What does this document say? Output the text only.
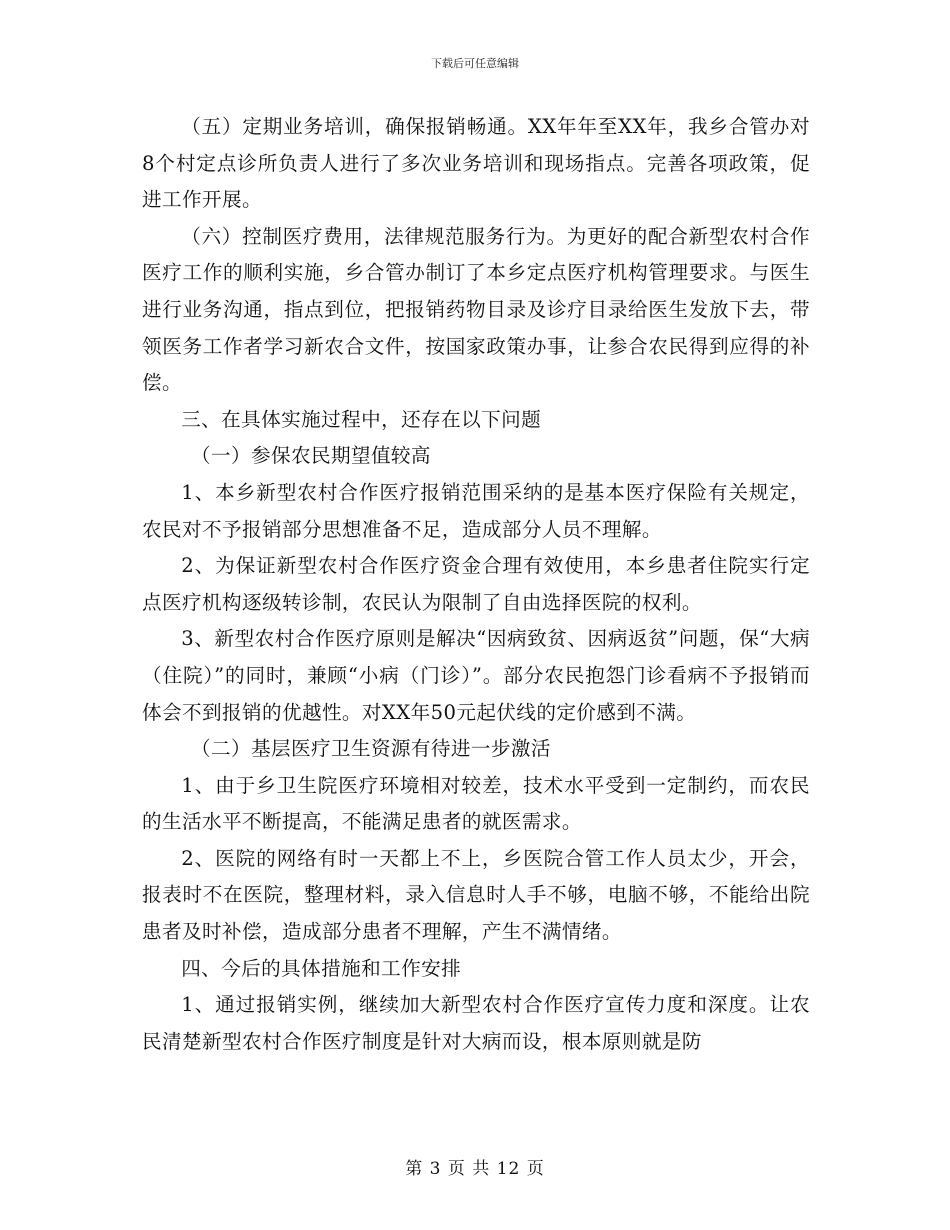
下载后可任意编辑

（五）定期业务培训，确保报销畅通。XX年年至XX年，我乡合管办对8个村定点诊所负责人进行了多次业务培训和现场指点。完善各项政策，促进工作开展。

（六）控制医疗费用，法律规范服务行为。为更好的配合新型农村合作医疗工作的顺利实施，乡合管办制订了本乡定点医疗机构管理要求。与医生进行业务沟通，指点到位，把报销药物目录及诊疗目录给医生发放下去，带领医务工作者学习新农合文件，按国家政策办事，让参合农民得到应得的补偿。

三、在具体实施过程中，还存在以下问题

（一）参保农民期望值较高

1、本乡新型农村合作医疗报销范围采纳的是基本医疗保险有关规定，农民对不予报销部分思想准备不足，造成部分人员不理解。

2、为保证新型农村合作医疗资金合理有效使用，本乡患者住院实行定点医疗机构逐级转诊制，农民认为限制了自由选择医院的权利。

3、新型农村合作医疗原则是解决“因病致贫、因病返贫”问题，保“大病（住院）”的同时，兼顾“小病（门诊）”。部分农民抱怨门诊看病不予报销而体会不到报销的优越性。对XX年50元起伏线的定价感到不满。

（二）基层医疗卫生资源有待进一步激活

1、由于乡卫生院医疗环境相对较差，技术水平受到一定制约，而农民的生活水平不断提高，不能满足患者的就医需求。

2、医院的网络有时一天都上不上，乡医院合管工作人员太少，开会，报表时不在医院，整理材料，录入信息时人手不够，电脑不够，不能给出院患者及时补偿，造成部分患者不理解，产生不满情绪。

四、今后的具体措施和工作安排

1、通过报销实例，继续加大新型农村合作医疗宣传力度和深度。让农民清楚新型农村合作医疗制度是针对大病而设，根本原则就是防

第 3 页 共 12 页
